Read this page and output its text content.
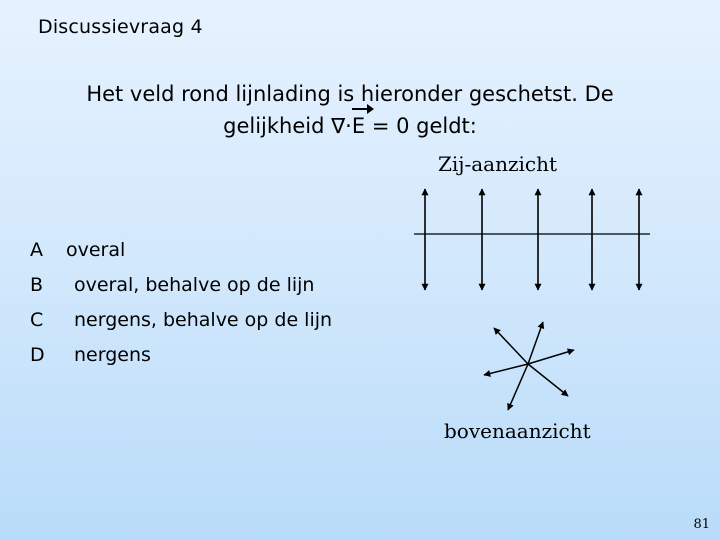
Discussievraag 4
Het veld rond lijnlading is hieronder geschetst. De
gelijkheid ∇·E = 0 geldt:
A	overal
B	overal, behalve op de lijn
C	nergens, behalve op de lijn
D	nergens
Zij-aanzicht
bovenaanzicht
81
